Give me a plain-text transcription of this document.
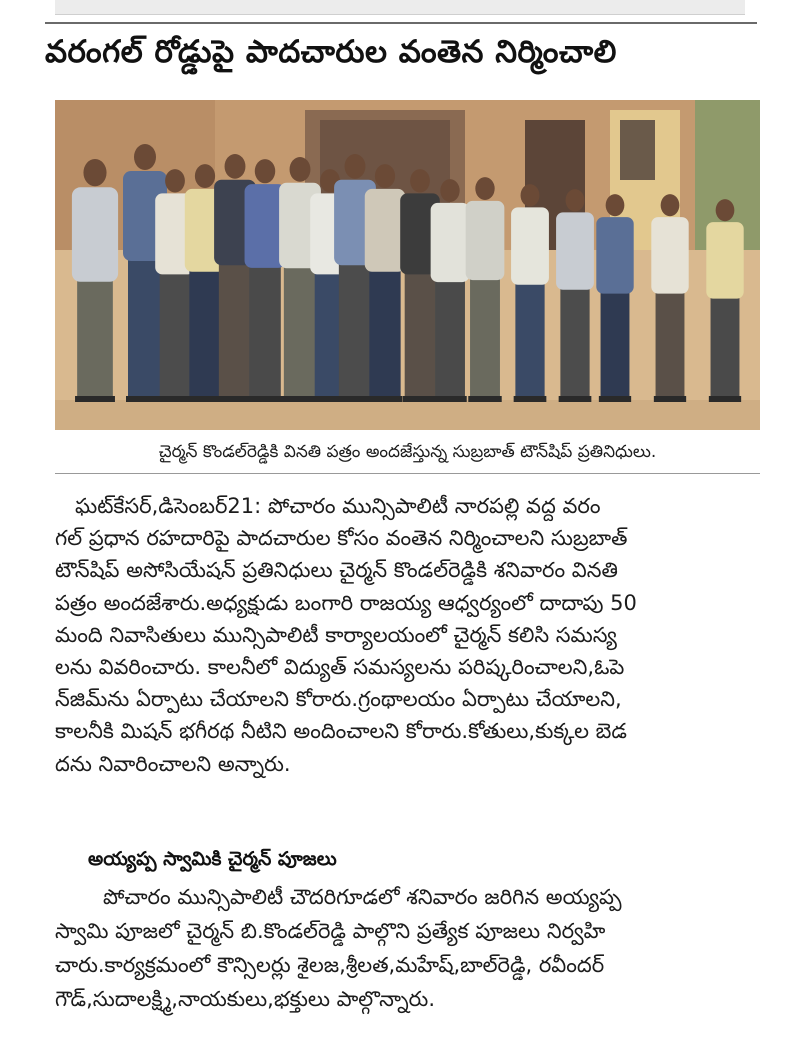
వరంగల్ రోడ్డుపై పాదచారుల వంతెన నిర్మించాలి
చైర్మన్ కొండల్‌రెడ్డికి వినతి పత్రం అందజేస్తున్న సుబ్రబాత్ టౌన్‌షిప్ ప్రతినిధులు.

ఘట్‌కేసర్,డిసెంబర్21: పోచారం మున్సిపాలిటీ నారపల్లి వద్ద వరం

గల్ ప్రధాన రహదారిపై పాదచారుల కోసం వంతెన నిర్మించాలని సుబ్రబాత్

టౌన్‌షిప్ అసోసియేషన్ ప్రతినిధులు చైర్మన్ కొండల్‌రెడ్డికి శనివారం వినతి

పత్రం అందజేశారు.అధ్యక్షుడు బంగారి రాజయ్య ఆధ్వర్యంలో దాదాపు 50

మంది నివాసితులు మున్సిపాలిటీ కార్యాలయంలో చైర్మన్ కలిసి సమస్య

లను వివరించారు. కాలనీలో విద్యుత్ సమస్యలను పరిష్కరించాలని,ఓపె

న్‌జిమ్‌ను ఏర్పాటు చేయాలని కోరారు.గ్రంథాలయం ఏర్పాటు చేయాలని,

కాలనీకి మిషన్ భగీరథ నీటిని అందించాలని కోరారు.కోతులు,కుక్కల బెడ

దను నివారించాలని అన్నారు.

అయ్యప్ప స్వామికి చైర్మన్ పూజలు

పోచారం మున్సిపాలిటీ చౌదరిగూడలో శనివారం జరిగిన అయ్యప్ప

స్వామి పూజలో చైర్మన్ బి.కొండల్‌రెడ్డి పాల్గొని ప్రత్యేక పూజలు నిర్వహి

చారు.కార్యక్రమంలో కౌన్సిలర్లు శైలజ,శ్రీలత,మహేష్,బాల్‌రెడ్డి, రవీందర్

గౌడ్,సుదాలక్ష్మి,నాయకులు,భక్తులు పాల్గొన్నారు.
